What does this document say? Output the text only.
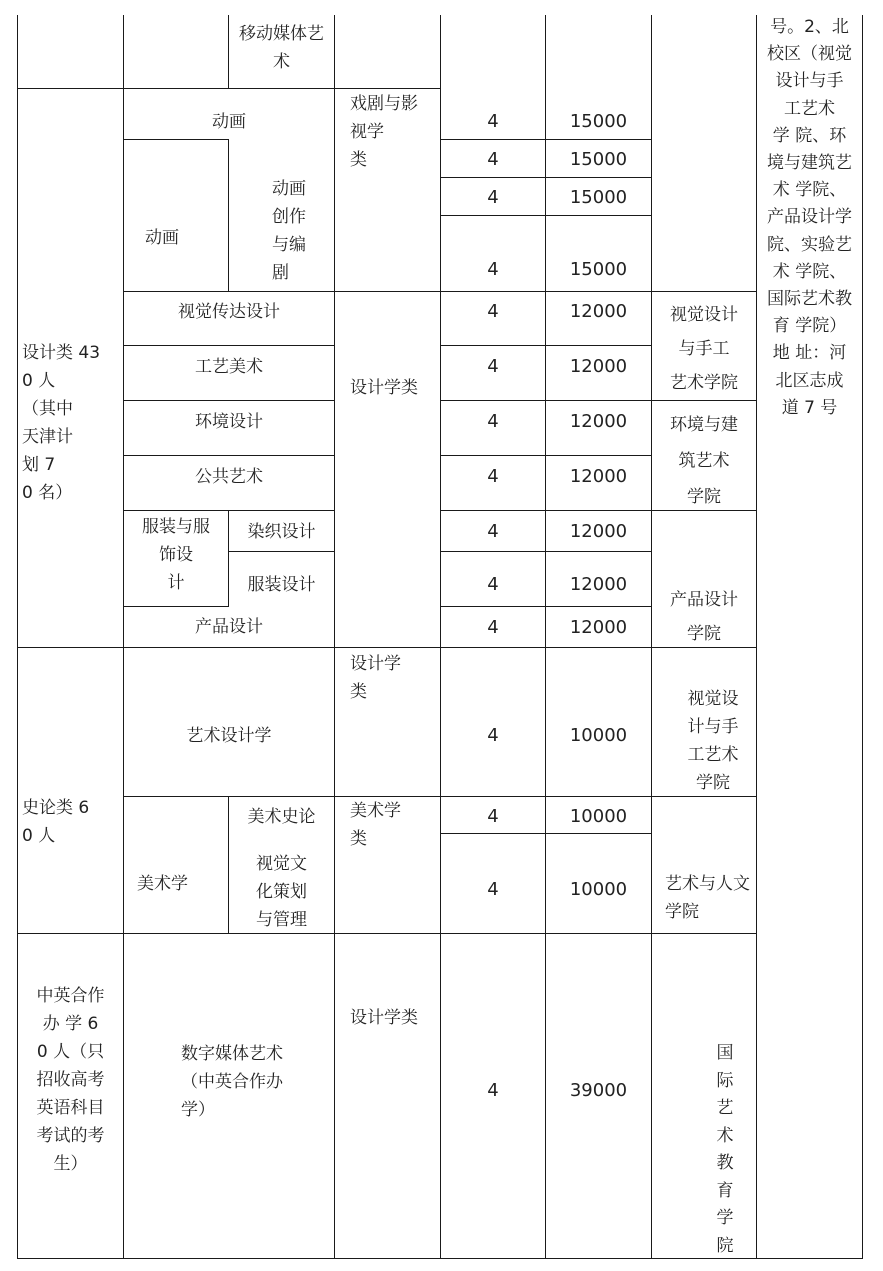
设计类 43
0 人
（其中
天津计
划 7
0 名）
史论类 6
0 人
中英合作
办 学 6
0 人（只
招收高考
英语科目
考试的考
生）
动画
动画
视觉传达设计
工艺美术
环境设计
公共艺术
服装与服
饰设
计
产品设计
艺术设计学
美术学
数字媒体艺术
（中英合作办
学）
移动媒体艺
术
动画
创作
与编
剧
染织设计
服装设计
美术史论
视觉文
化策划
与管理
戏剧与影
视学
类
设计学类
设计学
类
美术学
类
设计学类
4
4
4
4
4
4
4
4
4
4
4
4
4
4
4
15000
15000
15000
15000
12000
12000
12000
12000
12000
12000
12000
10000
10000
10000
39000
视觉设计
与手工
艺术学院
环境与建
筑艺术
学院
产品设计
学院
视觉设
计与手
工艺术
学院
艺术与人文
学院
国
际
艺
术
教
育
学
院
号。2、北
校区（视觉
设计与手
工艺术
学 院、环
境与建筑艺
术 学院、
产品设计学
院、实验艺
术 学院、
国际艺术教
育 学院）
地 址：河
北区志成
道 7 号
